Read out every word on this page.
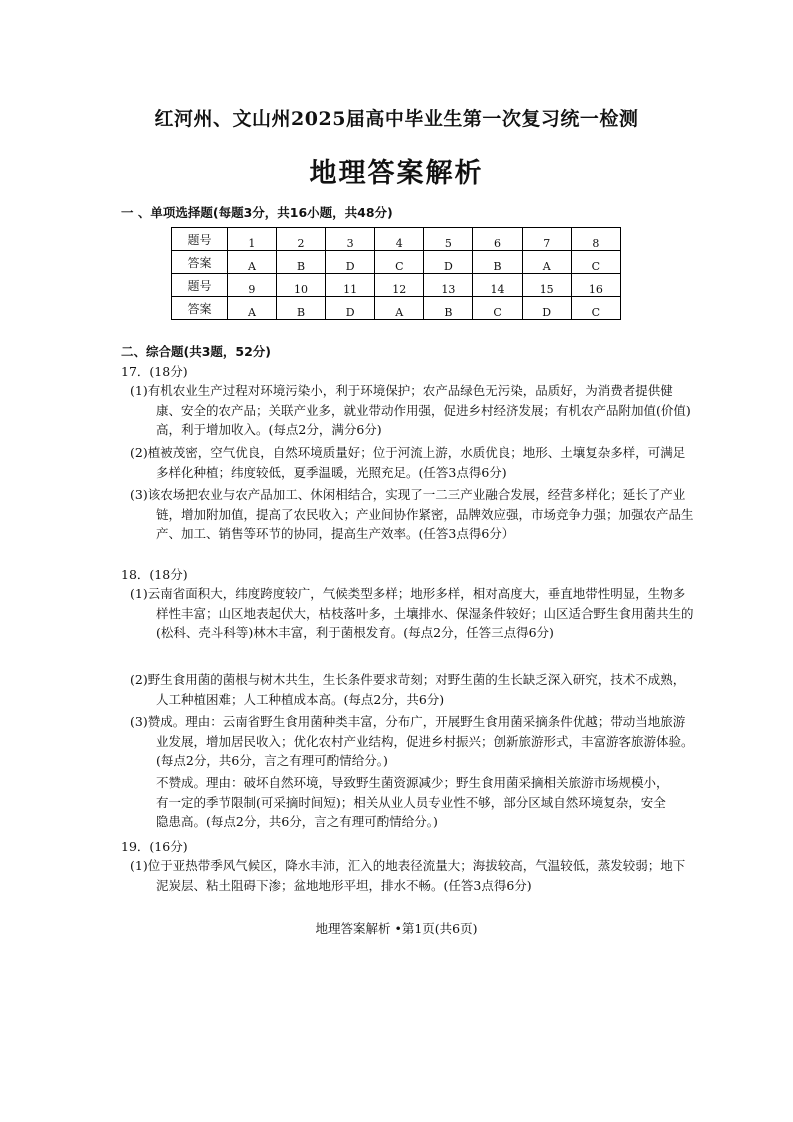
红河州、文山州2025届高中毕业生第一次复习统一检测
地理答案解析
一 、单项选择题(每题3分，共16小题，共48分)
题号	1	2	3	4	5	6	7	8
答案	A	B	D	C	D	B	A	C
题号	9	10	11	12	13	14	15	16
答案	A	B	D	A	B	C	D	C
二、综合题(共3题，52分)
17．(18分)
(1)有机农业生产过程对环境污染小，利于环境保护；农产品绿色无污染，品质好，为消费者提供健康、安全的农产品；关联产业多，就业带动作用强，促进乡村经济发展；有机农产品附加值(价值)高，利于增加收入。(每点2分，满分6分)
(2)植被茂密，空气优良，自然环境质量好；位于河流上游，水质优良；地形、土壤复杂多样，可满足多样化种植；纬度较低，夏季温暖，光照充足。(任答3点得6分)
(3)该农场把农业与农产品加工、休闲相结合，实现了一二三产业融合发展，经营多样化；延长了产业链，增加附加值，提高了农民收入；产业间协作紧密，品牌效应强，市场竞争力强；加强农产品生产、加工、销售等环节的协同，提高生产效率。(任答3点得6分）
18．(18分)
(1)云南省面积大，纬度跨度较广，气候类型多样；地形多样，相对高度大，垂直地带性明显，生物多样性丰富；山区地表起伏大，枯枝落叶多，土壤排水、保湿条件较好；山区适合野生食用菌共生的(松科、壳斗科等)林木丰富，利于菌根发育。(每点2分，任答三点得6分)
(2)野生食用菌的菌根与树木共生，生长条件要求苛刻；对野生菌的生长缺乏深入研究，技术不成熟，人工种植困难；人工种植成本高。(每点2分，共6分)
(3)赞成。理由：云南省野生食用菌种类丰富，分布广，开展野生食用菌采摘条件优越；带动当地旅游业发展，增加居民收入；优化农村产业结构，促进乡村振兴；创新旅游形式，丰富游客旅游体验。(每点2分，共6分，言之有理可酌情给分。)
不赞成。理由：破坏自然环境，导致野生菌资源减少；野生食用菌采摘相关旅游市场规模小，有一定的季节限制(可采摘时间短)；相关从业人员专业性不够，部分区域自然环境复杂，安全隐患高。(每点2分，共6分，言之有理可酌情给分。)
19．(16分)
(1)位于亚热带季风气候区，降水丰沛，汇入的地表径流量大；海拔较高，气温较低，蒸发较弱；地下泥炭层、粘土阻碍下渗；盆地地形平坦，排水不畅。(任答3点得6分)
地理答案解析 •第1页(共6页)
